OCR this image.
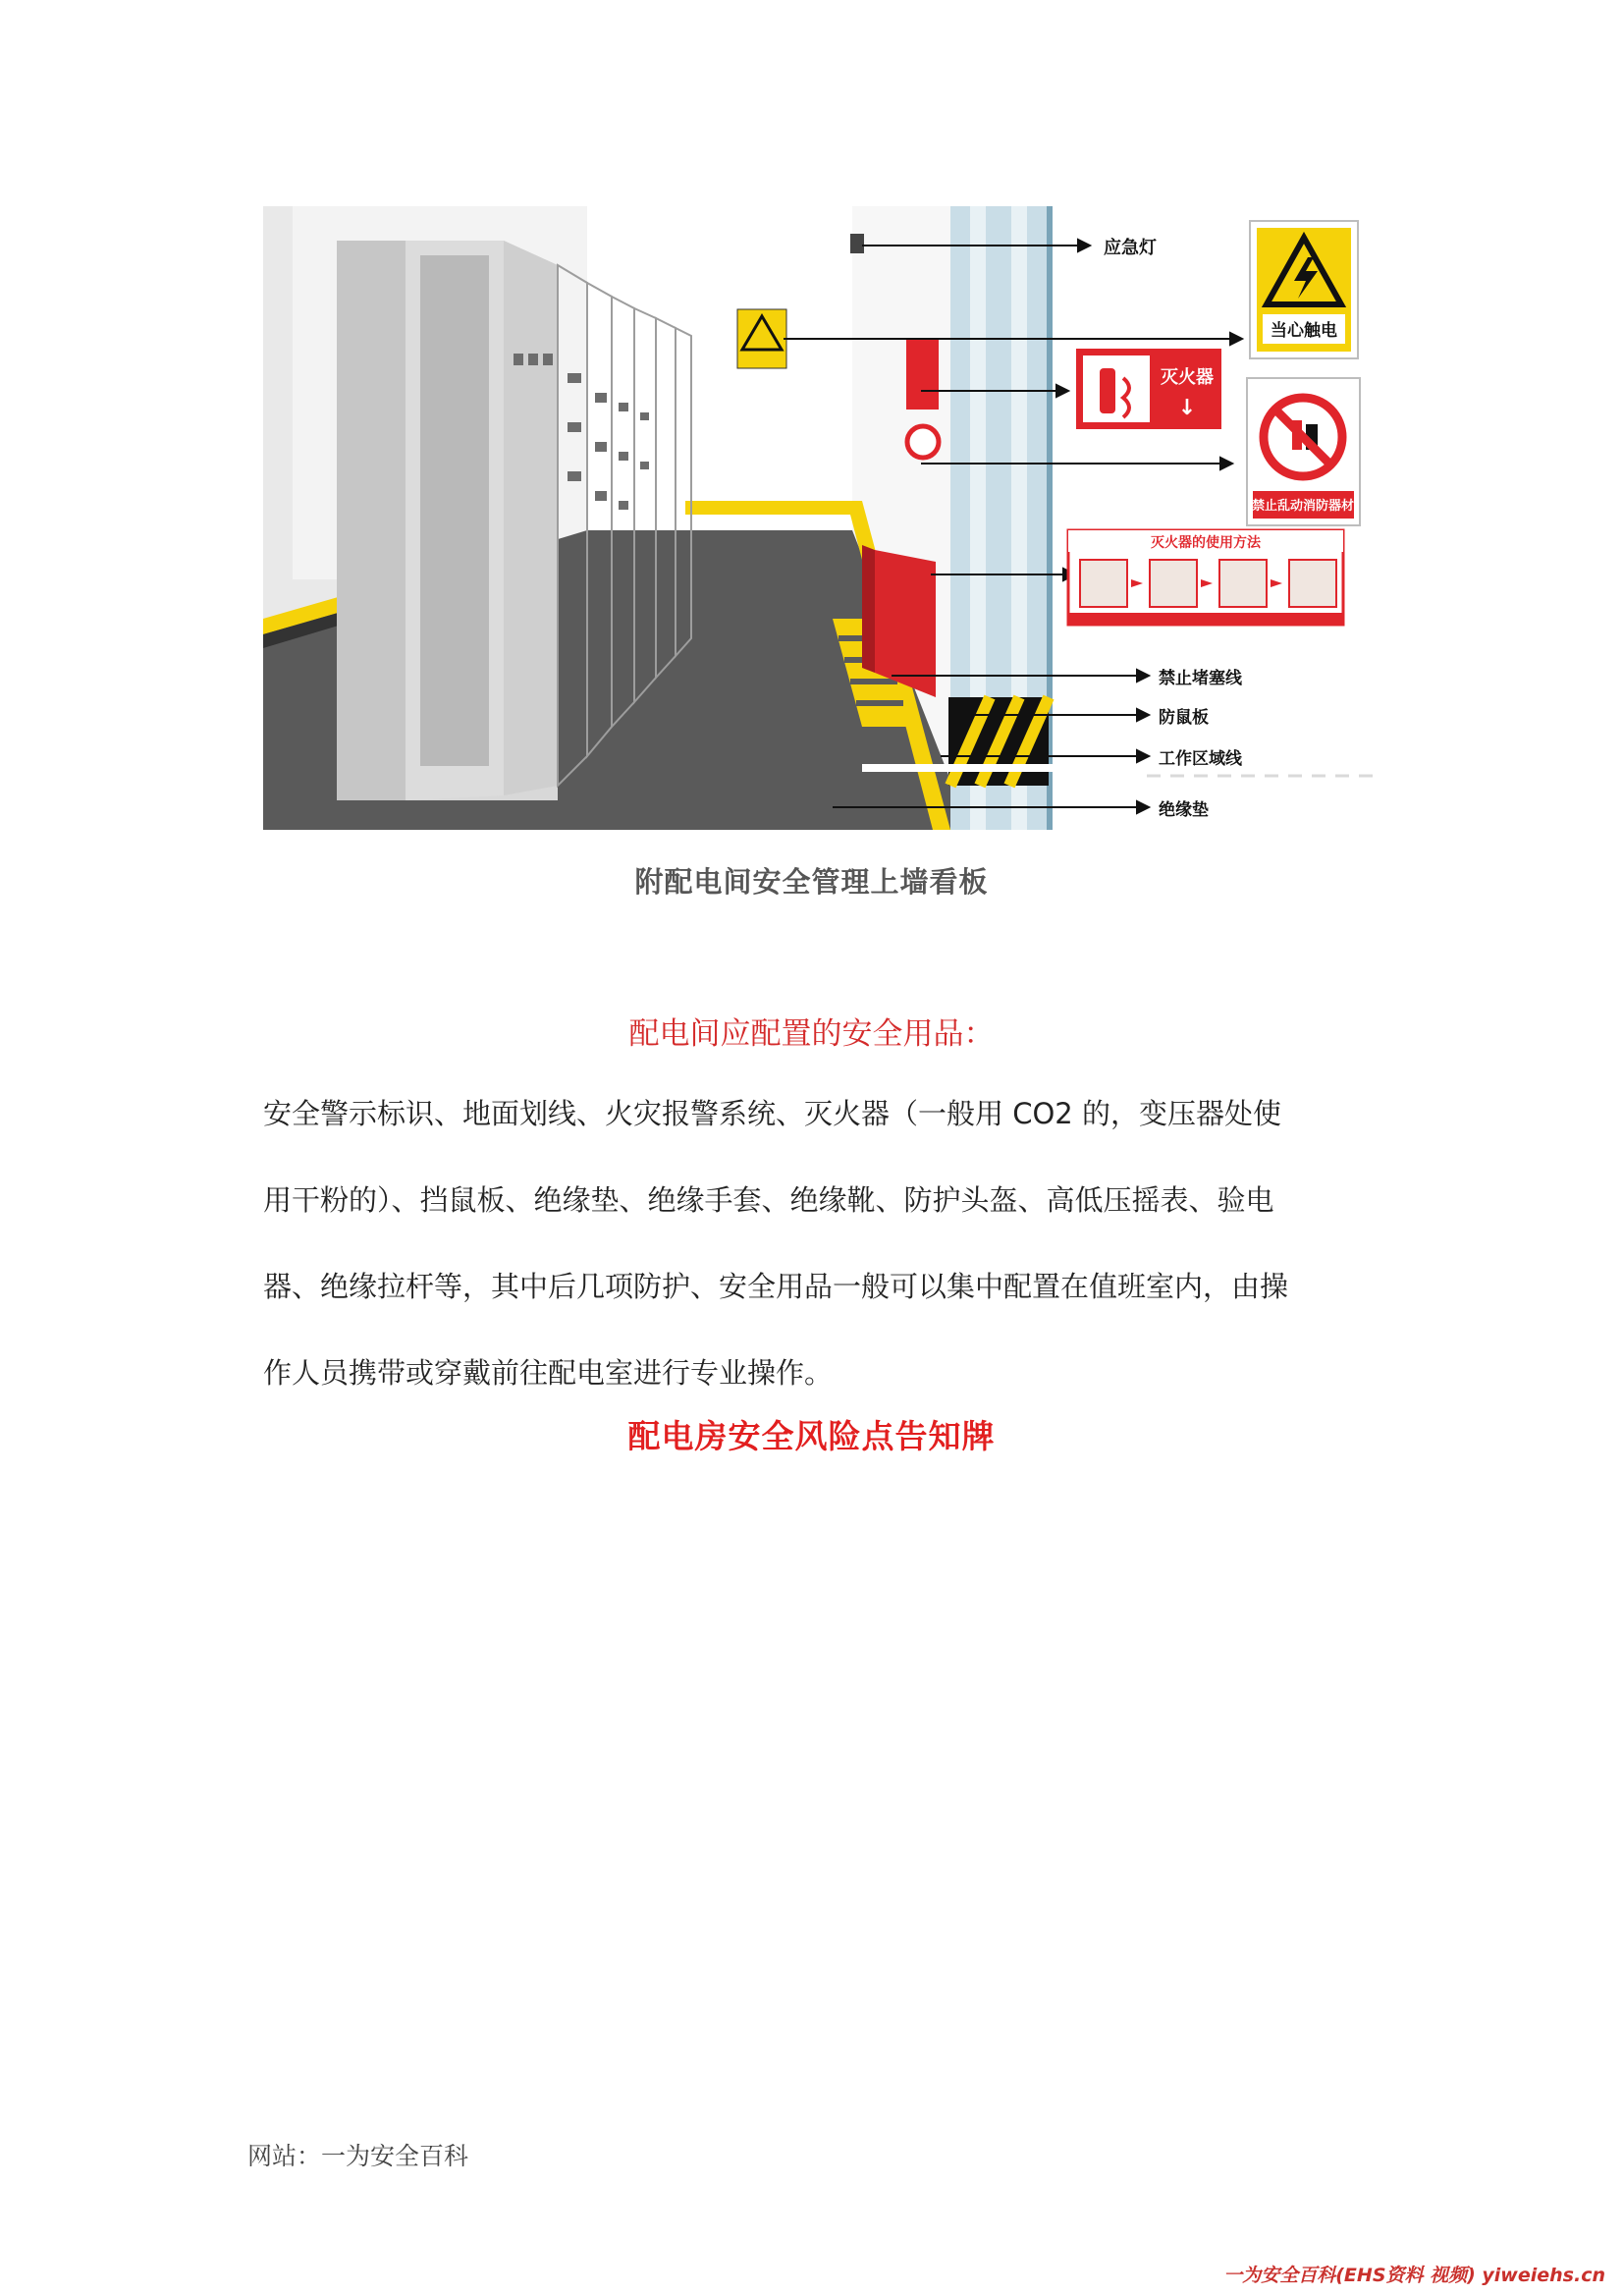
应急灯
禁止堵塞线
防鼠板
工作区域线
绝缘垫
当心触电
灭火器
↓
禁止乱动消防器材
灭火器的使用方法
附配电间安全管理上墙看板
配电间应配置的安全用品：
安全警示标识、地面划线、火灾报警系统、灭火器（一般用 CO2 的，变压器处使
用干粉的）、挡鼠板、绝缘垫、绝缘手套、绝缘靴、防护头盔、高低压摇表、验电
器、绝缘拉杆等，其中后几项防护、安全用品一般可以集中配置在值班室内，由操
作人员携带或穿戴前往配电室进行专业操作。
配电房安全风险点告知牌
网站：一为安全百科
一为安全百科(EHS资料 视频) yiweiehs.cn
